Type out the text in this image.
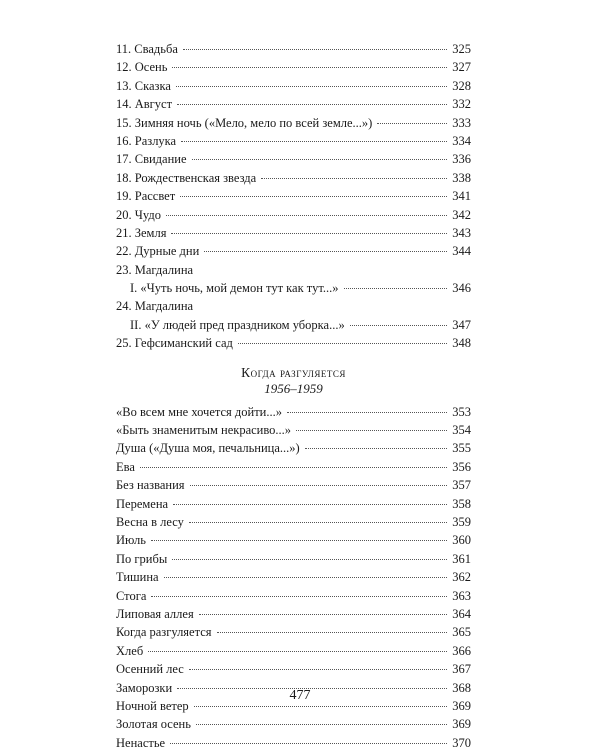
11. Свадьба	325
12. Осень	327
13. Сказка	328
14. Август	332
15. Зимняя ночь («Мело, мело по всей земле...»)	333
16. Разлука	334
17. Свидание	336
18. Рождественская звезда	338
19. Рассвет	341
20. Чудо	342
21. Земля	343
22. Дурные дни	344
23. Магдалина
I. «Чуть ночь, мой демон тут как тут...»	346
24. Магдалина
II. «У людей пред праздником уборка...»	347
25. Гефсиманский сад	348
Когда разгуляется
1956–1959
«Во всем мне хочется дойти...»	353
«Быть знаменитым некрасиво...»	354
Душа («Душа моя, печальница...»)	355
Ева	356
Без названия	357
Перемена	358
Весна в лесу	359
Июль	360
По грибы	361
Тишина	362
Стога	363
Липовая аллея	364
Когда разгуляется	365
Хлеб	366
Осенний лес	367
Заморозки	368
Ночной ветер	369
Золотая осень	369
Ненастье	370
477
